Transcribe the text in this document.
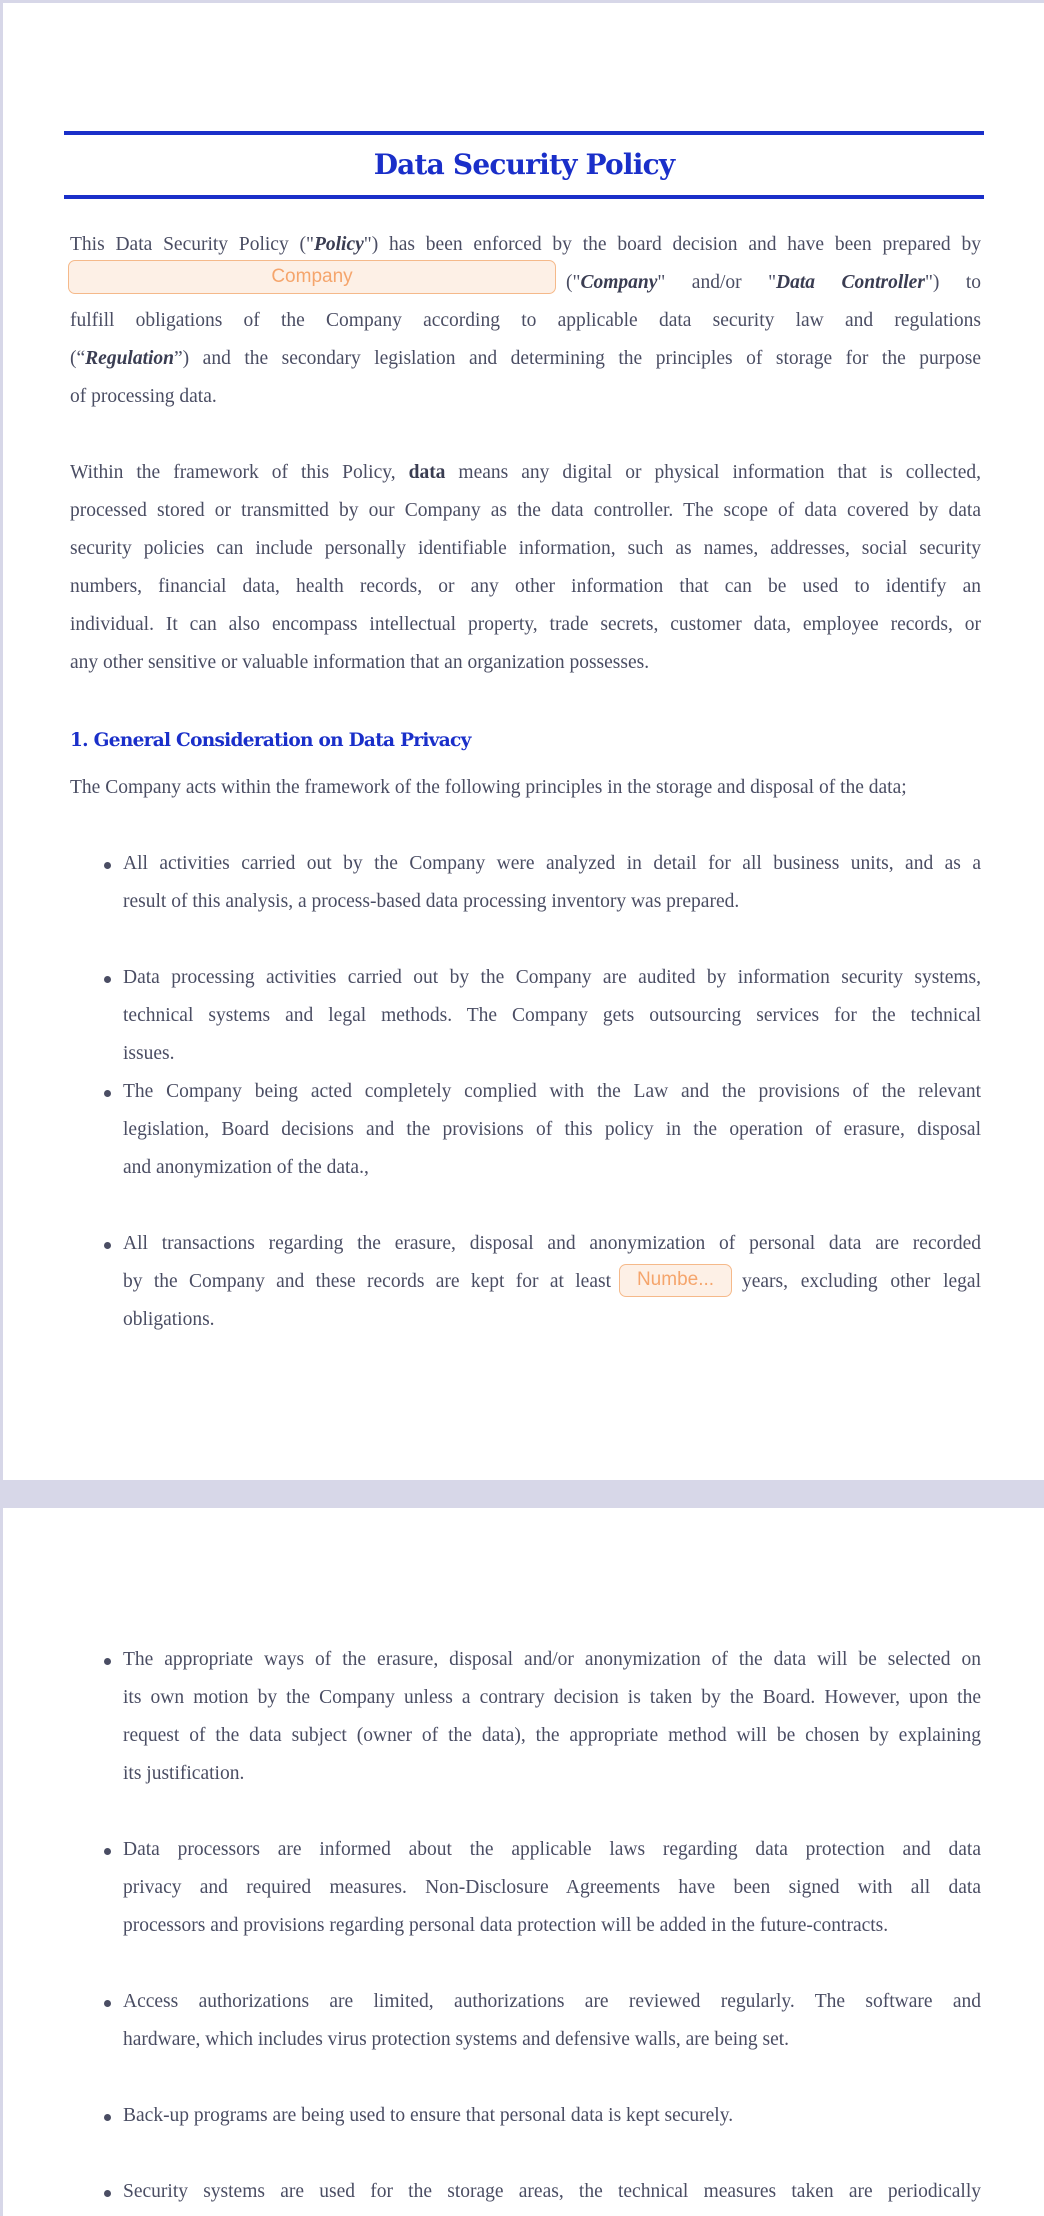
Data Security Policy
This Data Security Policy ("Policy") has been enforced by the board decision and have been prepared by
Company	("Company" and/or "Data Controller") to
fulfill obligations of the Company according to applicable data security law and regulations
(“Regulation”) and the secondary legislation and determining the principles of storage for the purpose
of processing data.
Within the framework of this Policy, data means any digital or physical information that is collected,
processed stored or transmitted by our Company as the data controller. The scope of data covered by data
security policies can include personally identifiable information, such as names, addresses, social security
numbers, financial data, health records, or any other information that can be used to identify an
individual. It can also encompass intellectual property, trade secrets, customer data, employee records, or
any other sensitive or valuable information that an organization possesses.
1. General Consideration on Data Privacy
The Company acts within the framework of the following principles in the storage and disposal of the data;
All activities carried out by the Company were analyzed in detail for all business units, and as a
result of this analysis, a process-based data processing inventory was prepared.
Data processing activities carried out by the Company are audited by information security systems,
technical systems and legal methods. The Company gets outsourcing services for the technical
issues.
The Company being acted completely complied with the Law and the provisions of the relevant
legislation, Board decisions and the provisions of this policy in the operation of erasure, disposal
and anonymization of the data.,
All transactions regarding the erasure, disposal and anonymization of personal data are recorded
by the Company and these records are kept for at least	Numbe...	years, excluding other legal
obligations.
The appropriate ways of the erasure, disposal and/or anonymization of the data will be selected on
its own motion by the Company unless a contrary decision is taken by the Board. However, upon the
request of the data subject (owner of the data), the appropriate method will be chosen by explaining
its justification.
Data processors are informed about the applicable laws regarding data protection and data
privacy and required measures. Non-Disclosure Agreements have been signed with all data
processors and provisions regarding personal data protection will be added in the future-contracts.
Access authorizations are limited, authorizations are reviewed regularly. The software and
hardware, which includes virus protection systems and defensive walls, are being set.
Back-up programs are being used to ensure that personal data is kept securely.
Security systems are used for the storage areas, the technical measures taken are periodically
